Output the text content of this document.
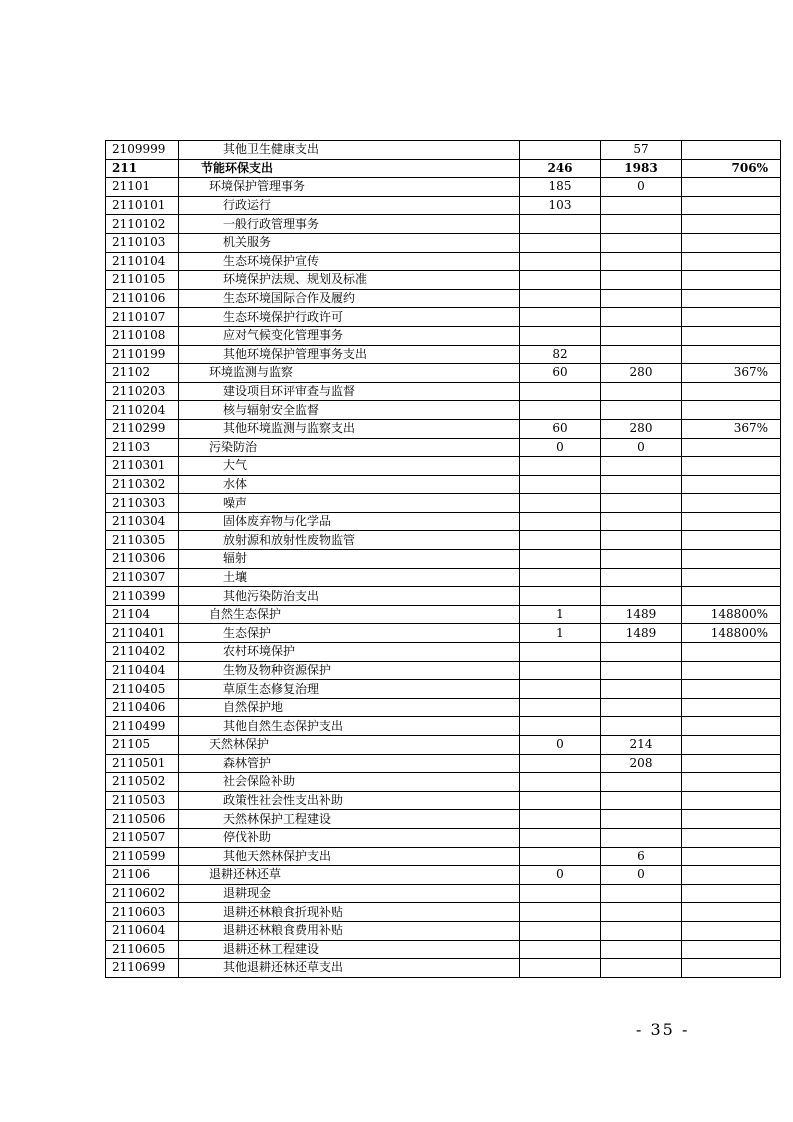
2109999	其他卫生健康支出		57	
211	节能环保支出	246	1983	706%
21101	环境保护管理事务	185	0	
2110101	行政运行	103		
2110102	一般行政管理事务			
2110103	机关服务			
2110104	生态环境保护宣传			
2110105	环境保护法规、规划及标准			
2110106	生态环境国际合作及履约			
2110107	生态环境保护行政许可			
2110108	应对气候变化管理事务			
2110199	其他环境保护管理事务支出	82		
21102	环境监测与监察	60	280	367%
2110203	建设项目环评审查与监督			
2110204	核与辐射安全监督			
2110299	其他环境监测与监察支出	60	280	367%
21103	污染防治	0	0	
2110301	大气			
2110302	水体			
2110303	噪声			
2110304	固体废弃物与化学品			
2110305	放射源和放射性废物监管			
2110306	辐射			
2110307	土壤			
2110399	其他污染防治支出			
21104	自然生态保护	1	1489	148800%
2110401	生态保护	1	1489	148800%
2110402	农村环境保护			
2110404	生物及物种资源保护			
2110405	草原生态修复治理			
2110406	自然保护地			
2110499	其他自然生态保护支出			
21105	天然林保护	0	214	
2110501	森林管护		208	
2110502	社会保险补助			
2110503	政策性社会性支出补助			
2110506	天然林保护工程建设			
2110507	停伐补助			
2110599	其他天然林保护支出		6	
21106	退耕还林还草	0	0	
2110602	退耕现金			
2110603	退耕还林粮食折现补贴			
2110604	退耕还林粮食费用补贴			
2110605	退耕还林工程建设			
2110699	其他退耕还林还草支出			
- 35 -
